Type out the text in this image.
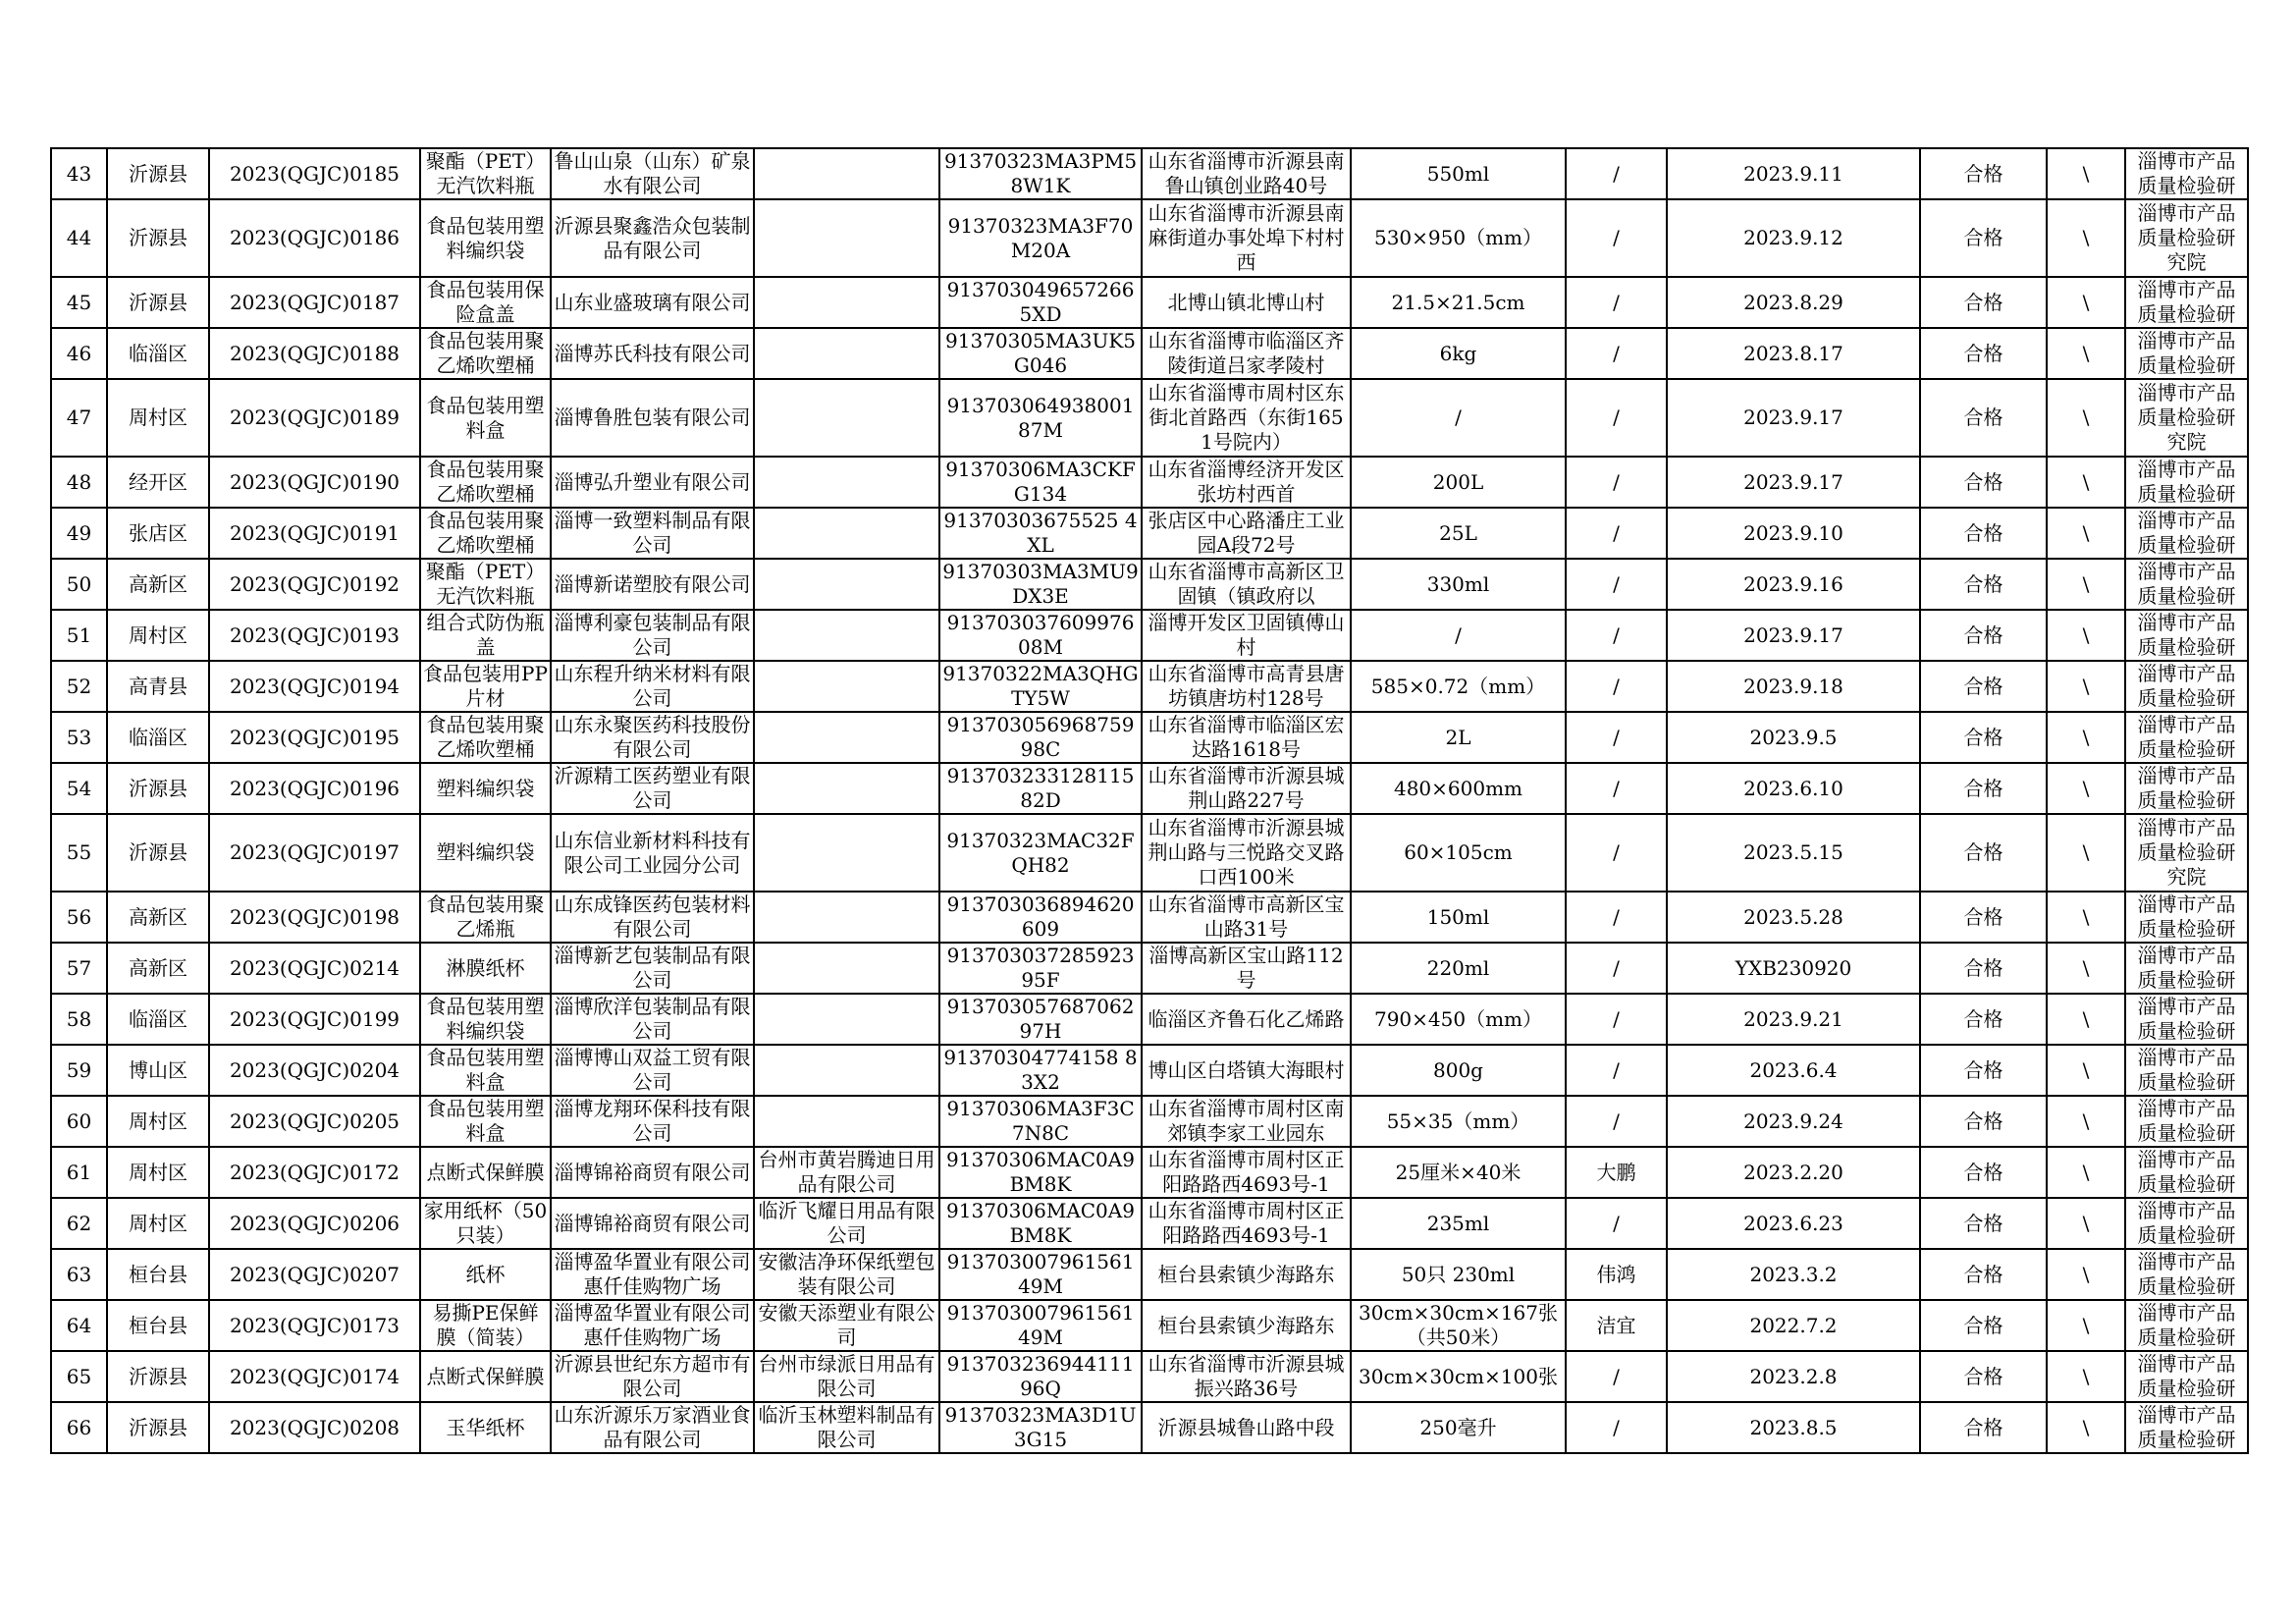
43	沂源县	2023(QGJC)0185	聚酯（PET）无汽饮料瓶	鲁山山泉（山东）矿泉水有限公司		91370323MA3PM58W1K	山东省淄博市沂源县南鲁山镇创业路40号	550ml	/	2023.9.11	合格	\	淄博市产品质量检验研

44	沂源县	2023(QGJC)0186	食品包装用塑料编织袋	沂源县聚鑫浩众包装制品有限公司		91370323MA3F70M20A	山东省淄博市沂源县南麻街道办事处埠下村村西	530×950（mm）	/	2023.9.12	合格	\	淄博市产品质量检验研究院

45	沂源县	2023(QGJC)0187	食品包装用保险盒盖	山东业盛玻璃有限公司		913703049657266 5XD	北博山镇北博山村	21.5×21.5cm	/	2023.8.29	合格	\	淄博市产品质量检验研

46	临淄区	2023(QGJC)0188	食品包装用聚乙烯吹塑桶	淄博苏氏科技有限公司		91370305MA3UK5G046	山东省淄博市临淄区齐陵街道吕家孝陵村	6kg	/	2023.8.17	合格	\	淄博市产品质量检验研

47	周村区	2023(QGJC)0189	食品包装用塑料盒	淄博鲁胜包装有限公司		91370306493800187M	山东省淄博市周村区东街北首路西（东街1651号院内）	/	/	2023.9.17	合格	\	淄博市产品质量检验研究院

48	经开区	2023(QGJC)0190	食品包装用聚乙烯吹塑桶	淄博弘升塑业有限公司		91370306MA3CKFG134	山东省淄博经济开发区张坊村西首	200L	/	2023.9.17	合格	\	淄博市产品质量检验研

49	张店区	2023(QGJC)0191	食品包装用聚乙烯吹塑桶	淄博一致塑料制品有限公司		91370303675525 4XL	张店区中心路潘庄工业园A段72号	25L	/	2023.9.10	合格	\	淄博市产品质量检验研

50	高新区	2023(QGJC)0192	聚酯（PET）无汽饮料瓶	淄博新诺塑胶有限公司		91370303MA3MU9DX3E	山东省淄博市高新区卫固镇（镇政府以	330ml	/	2023.9.16	合格	\	淄博市产品质量检验研

51	周村区	2023(QGJC)0193	组合式防伪瓶盖	淄博利豪包装制品有限公司		91370303760997608M	淄博开发区卫固镇傅山村	/	/	2023.9.17	合格	\	淄博市产品质量检验研

52	高青县	2023(QGJC)0194	食品包装用PP片材	山东程升纳米材料有限公司		91370322MA3QHGTY5W	山东省淄博市高青县唐坊镇唐坊村128号	585×0.72（mm）	/	2023.9.18	合格	\	淄博市产品质量检验研

53	临淄区	2023(QGJC)0195	食品包装用聚乙烯吹塑桶	山东永聚医药科技股份有限公司		91370305696875998C	山东省淄博市临淄区宏达路1618号	2L	/	2023.9.5	合格	\	淄博市产品质量检验研

54	沂源县	2023(QGJC)0196	塑料编织袋	沂源精工医药塑业有限公司		91370323312811582D	山东省淄博市沂源县城荆山路227号	480×600mm	/	2023.6.10	合格	\	淄博市产品质量检验研

55	沂源县	2023(QGJC)0197	塑料编织袋	山东信业新材料科技有限公司工业园分公司		91370323MAC32FQH82	山东省淄博市沂源县城荆山路与三悦路交叉路口西100米	60×105cm	/	2023.5.15	合格	\	淄博市产品质量检验研究院

56	高新区	2023(QGJC)0198	食品包装用聚乙烯瓶	山东成锋医药包装材料有限公司		913703036894620609	山东省淄博市高新区宝山路31号	150ml	/	2023.5.28	合格	\	淄博市产品质量检验研

57	高新区	2023(QGJC)0214	淋膜纸杯	淄博新艺包装制品有限公司		91370303728592395F	淄博高新区宝山路112号	220ml	/	YXB230920	合格	\	淄博市产品质量检验研

58	临淄区	2023(QGJC)0199	食品包装用塑料编织袋	淄博欣洋包装制品有限公司		91370305768706297H	临淄区齐鲁石化乙烯路	790×450（mm）	/	2023.9.21	合格	\	淄博市产品质量检验研

59	博山区	2023(QGJC)0204	食品包装用塑料盒	淄博博山双益工贸有限公司		91370304774158 83X2	博山区白塔镇大海眼村	800g	/	2023.6.4	合格	\	淄博市产品质量检验研

60	周村区	2023(QGJC)0205	食品包装用塑料盒	淄博龙翔环保科技有限公司		91370306MA3F3C7N8C	山东省淄博市周村区南郊镇李家工业园东	55×35（mm）	/	2023.9.24	合格	\	淄博市产品质量检验研

61	周村区	2023(QGJC)0172	点断式保鲜膜	淄博锦裕商贸有限公司	台州市黄岩腾迪日用品有限公司	91370306MAC0A9BM8K	山东省淄博市周村区正阳路路西4693号-1	25厘米×40米	大鹏	2023.2.20	合格	\	淄博市产品质量检验研

62	周村区	2023(QGJC)0206	家用纸杯（50只装）	淄博锦裕商贸有限公司	临沂飞耀日用品有限公司	91370306MAC0A9BM8K	山东省淄博市周村区正阳路路西4693号-1	235ml	/	2023.6.23	合格	\	淄博市产品质量检验研

63	桓台县	2023(QGJC)0207	纸杯	淄博盈华置业有限公司惠仟佳购物广场	安徽洁净环保纸塑包装有限公司	91370300796156149M	桓台县索镇少海路东	50只 230ml	伟鸿	2023.3.2	合格	\	淄博市产品质量检验研

64	桓台县	2023(QGJC)0173	易撕PE保鲜膜（简装）	淄博盈华置业有限公司惠仟佳购物广场	安徽天添塑业有限公司	91370300796156149M	桓台县索镇少海路东	30cm×30cm×167张（共50米）	洁宜	2022.7.2	合格	\	淄博市产品质量检验研

65	沂源县	2023(QGJC)0174	点断式保鲜膜	沂源县世纪东方超市有限公司	台州市绿派日用品有限公司	91370323694411196Q	山东省淄博市沂源县城振兴路36号	30cm×30cm×100张	/	2023.2.8	合格	\	淄博市产品质量检验研

66	沂源县	2023(QGJC)0208	玉华纸杯	山东沂源乐万家酒业食品有限公司	临沂玉林塑料制品有限公司	91370323MA3D1U3G15	沂源县城鲁山路中段	250毫升	/	2023.8.5	合格	\	淄博市产品质量检验研
